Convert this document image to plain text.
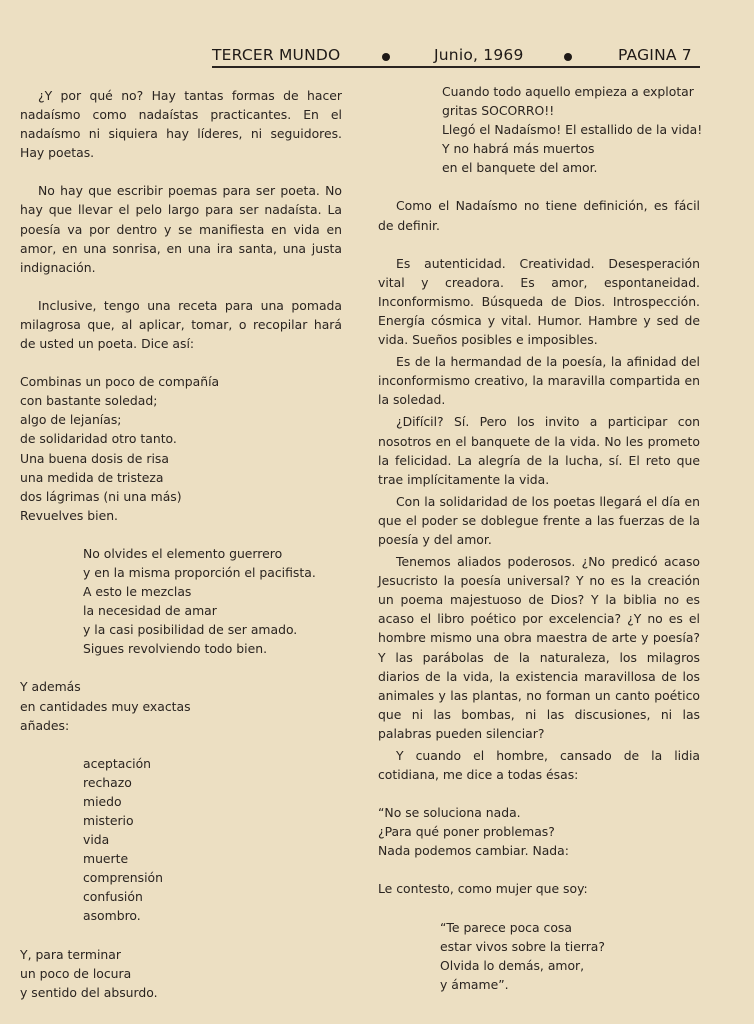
TERCER MUNDO	Junio, 1969	PAGINA 7

¿Y por qué no? Hay tantas formas de hacer nadaísmo como nadaístas practicantes. En el nadaísmo ni siquiera hay líderes, ni seguidores. Hay poetas.

No hay que escribir poemas para ser poeta. No hay que llevar el pelo largo para ser nadaísta. La poesía va por dentro y se manifiesta en vida en amor, en una sonrisa, en una ira santa, una justa indignación.

Inclusive, tengo una receta para una pomada milagrosa que, al aplicar, tomar, o recopilar hará de usted un poeta. Dice así:

Combinas un poco de compañía

con bastante soledad;

algo de lejanías;

de solidaridad otro tanto.

Una buena dosis de risa

una medida de tristeza

dos lágrimas (ni una más)

Revuelves bien.

No olvides el elemento guerrero

y en la misma proporción el pacifista.

A esto le mezclas

la necesidad de amar

y la casi posibilidad de ser amado.

Sigues revolviendo todo bien.

Y además

en cantidades muy exactas

añades:

aceptación

rechazo

miedo

misterio

vida

muerte

comprensión

confusión

asombro.

Y, para terminar

un poco de locura

y sentido del absurdo.

Cuando todo aquello empieza a explotar

gritas SOCORRO!!

Llegó el Nadaísmo! El estallido de la vida!

Y no habrá más muertos

en el banquete del amor.

Como el Nadaísmo no tiene definición, es fácil de definir.

Es autenticidad. Creatividad. Desesperación vital y creadora. Es amor, espontaneidad. Inconformismo. Búsqueda de Dios. Introspección. Energía cósmica y vital. Humor. Hambre y sed de vida. Sueños posibles e imposibles.

Es de la hermandad de la poesía, la afinidad del inconformismo creativo, la maravilla compartida en la soledad.

¿Difícil? Sí. Pero los invito a participar con nosotros en el banquete de la vida. No les prometo la felicidad. La alegría de la lucha, sí. El reto que trae implícitamente la vida.

Con la solidaridad de los poetas llegará el día en que el poder se doblegue frente a las fuerzas de la poesía y del amor.

Tenemos aliados poderosos. ¿No predicó acaso Jesucristo la poesía universal? Y no es la creación un poema majestuoso de Dios? Y la biblia no es acaso el libro poético por excelencia? ¿Y no es el hombre mismo una obra maestra de arte y poesía? Y las parábolas de la naturaleza, los milagros diarios de la vida, la existencia maravillosa de los animales y las plantas, no forman un canto poético que ni las bombas, ni las discusiones, ni las palabras pueden silenciar?

Y cuando el hombre, cansado de la lidia cotidiana, me dice a todas ésas:

“No se soluciona nada.

¿Para qué poner problemas?

Nada podemos cambiar. Nada:

Le contesto, como mujer que soy:

“Te parece poca cosa

estar vivos sobre la tierra?

Olvida lo demás, amor,

y ámame”.
